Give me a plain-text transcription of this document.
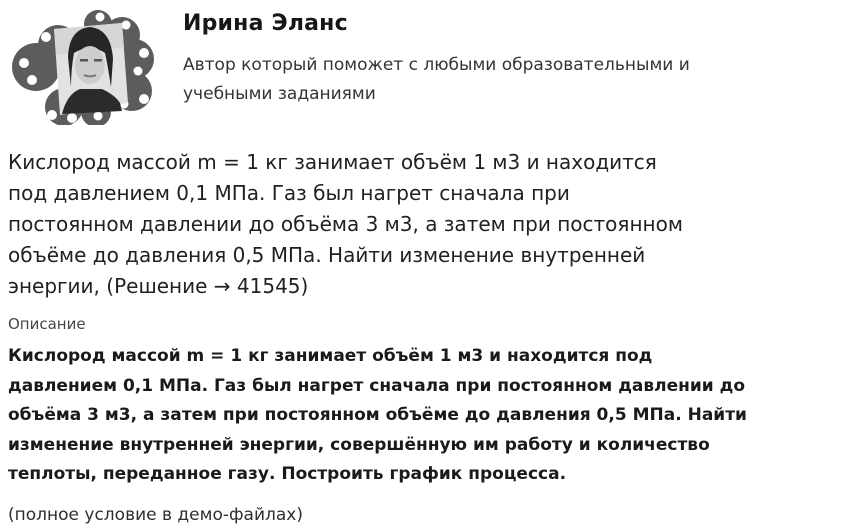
Ирина Эланс
Автор который поможет с любыми образовательными и
учебными заданиями
Кислород массой m = 1 кг занимает объём 1 м3 и находится
под давлением 0,1 МПа. Газ был нагрет сначала при
постоянном давлении до объёма 3 м3, а затем при постоянном
объёме до давления 0,5 МПа. Найти изменение внутренней
энергии, (Решение → 41545)
Описание
Кислород массой m = 1 кг занимает объём 1 м3 и находится под
давлением 0,1 МПа. Газ был нагрет сначала при постоянном давлении до
объёма 3 м3, а затем при постоянном объёме до давления 0,5 МПа. Найти
изменение внутренней энергии, совершённую им работу и количество
теплоты, переданное газу. Построить график процесса.
(полное условие в демо-файлах)
